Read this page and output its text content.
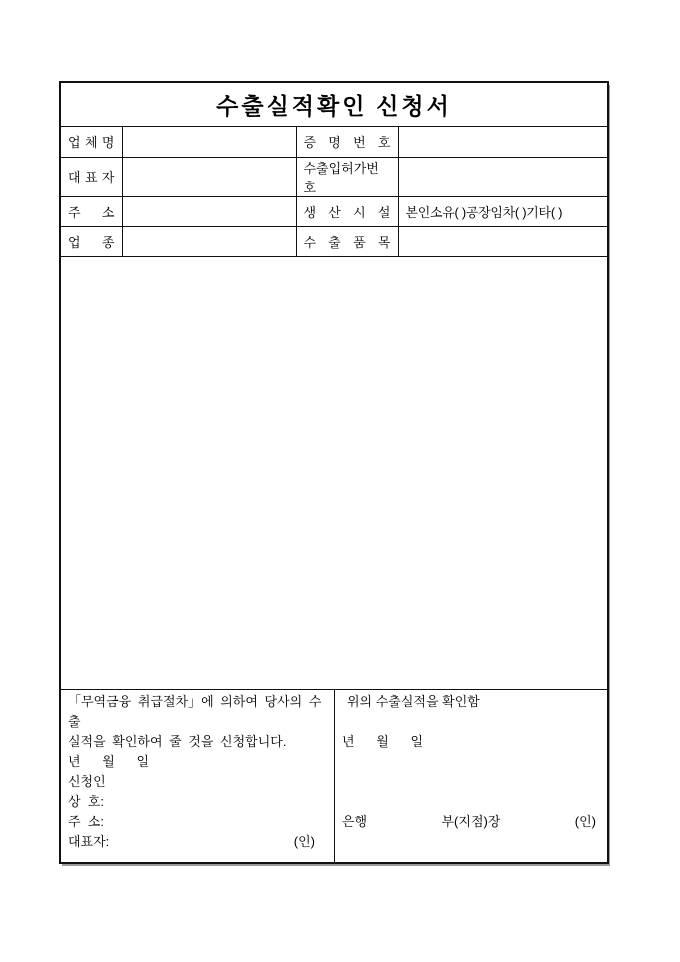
수출실적확인 신청서
업 체 명		증 명 번 호	
대 표 자		수출입허가번호	
주 소		생 산 시 설	본인소유( )공장임차( )기타( )
업 종		수 출 품 목	
「무역금융 취급절차」에 의하여 당사의 수출
실적을 확인하여 줄 것을 신청합니다.
년      월      일
신청인
상  호:
주  소:
대표자:	(인)
위의 수출실적을 확인함
년      월      일
은행	부(지점)장	(인)
